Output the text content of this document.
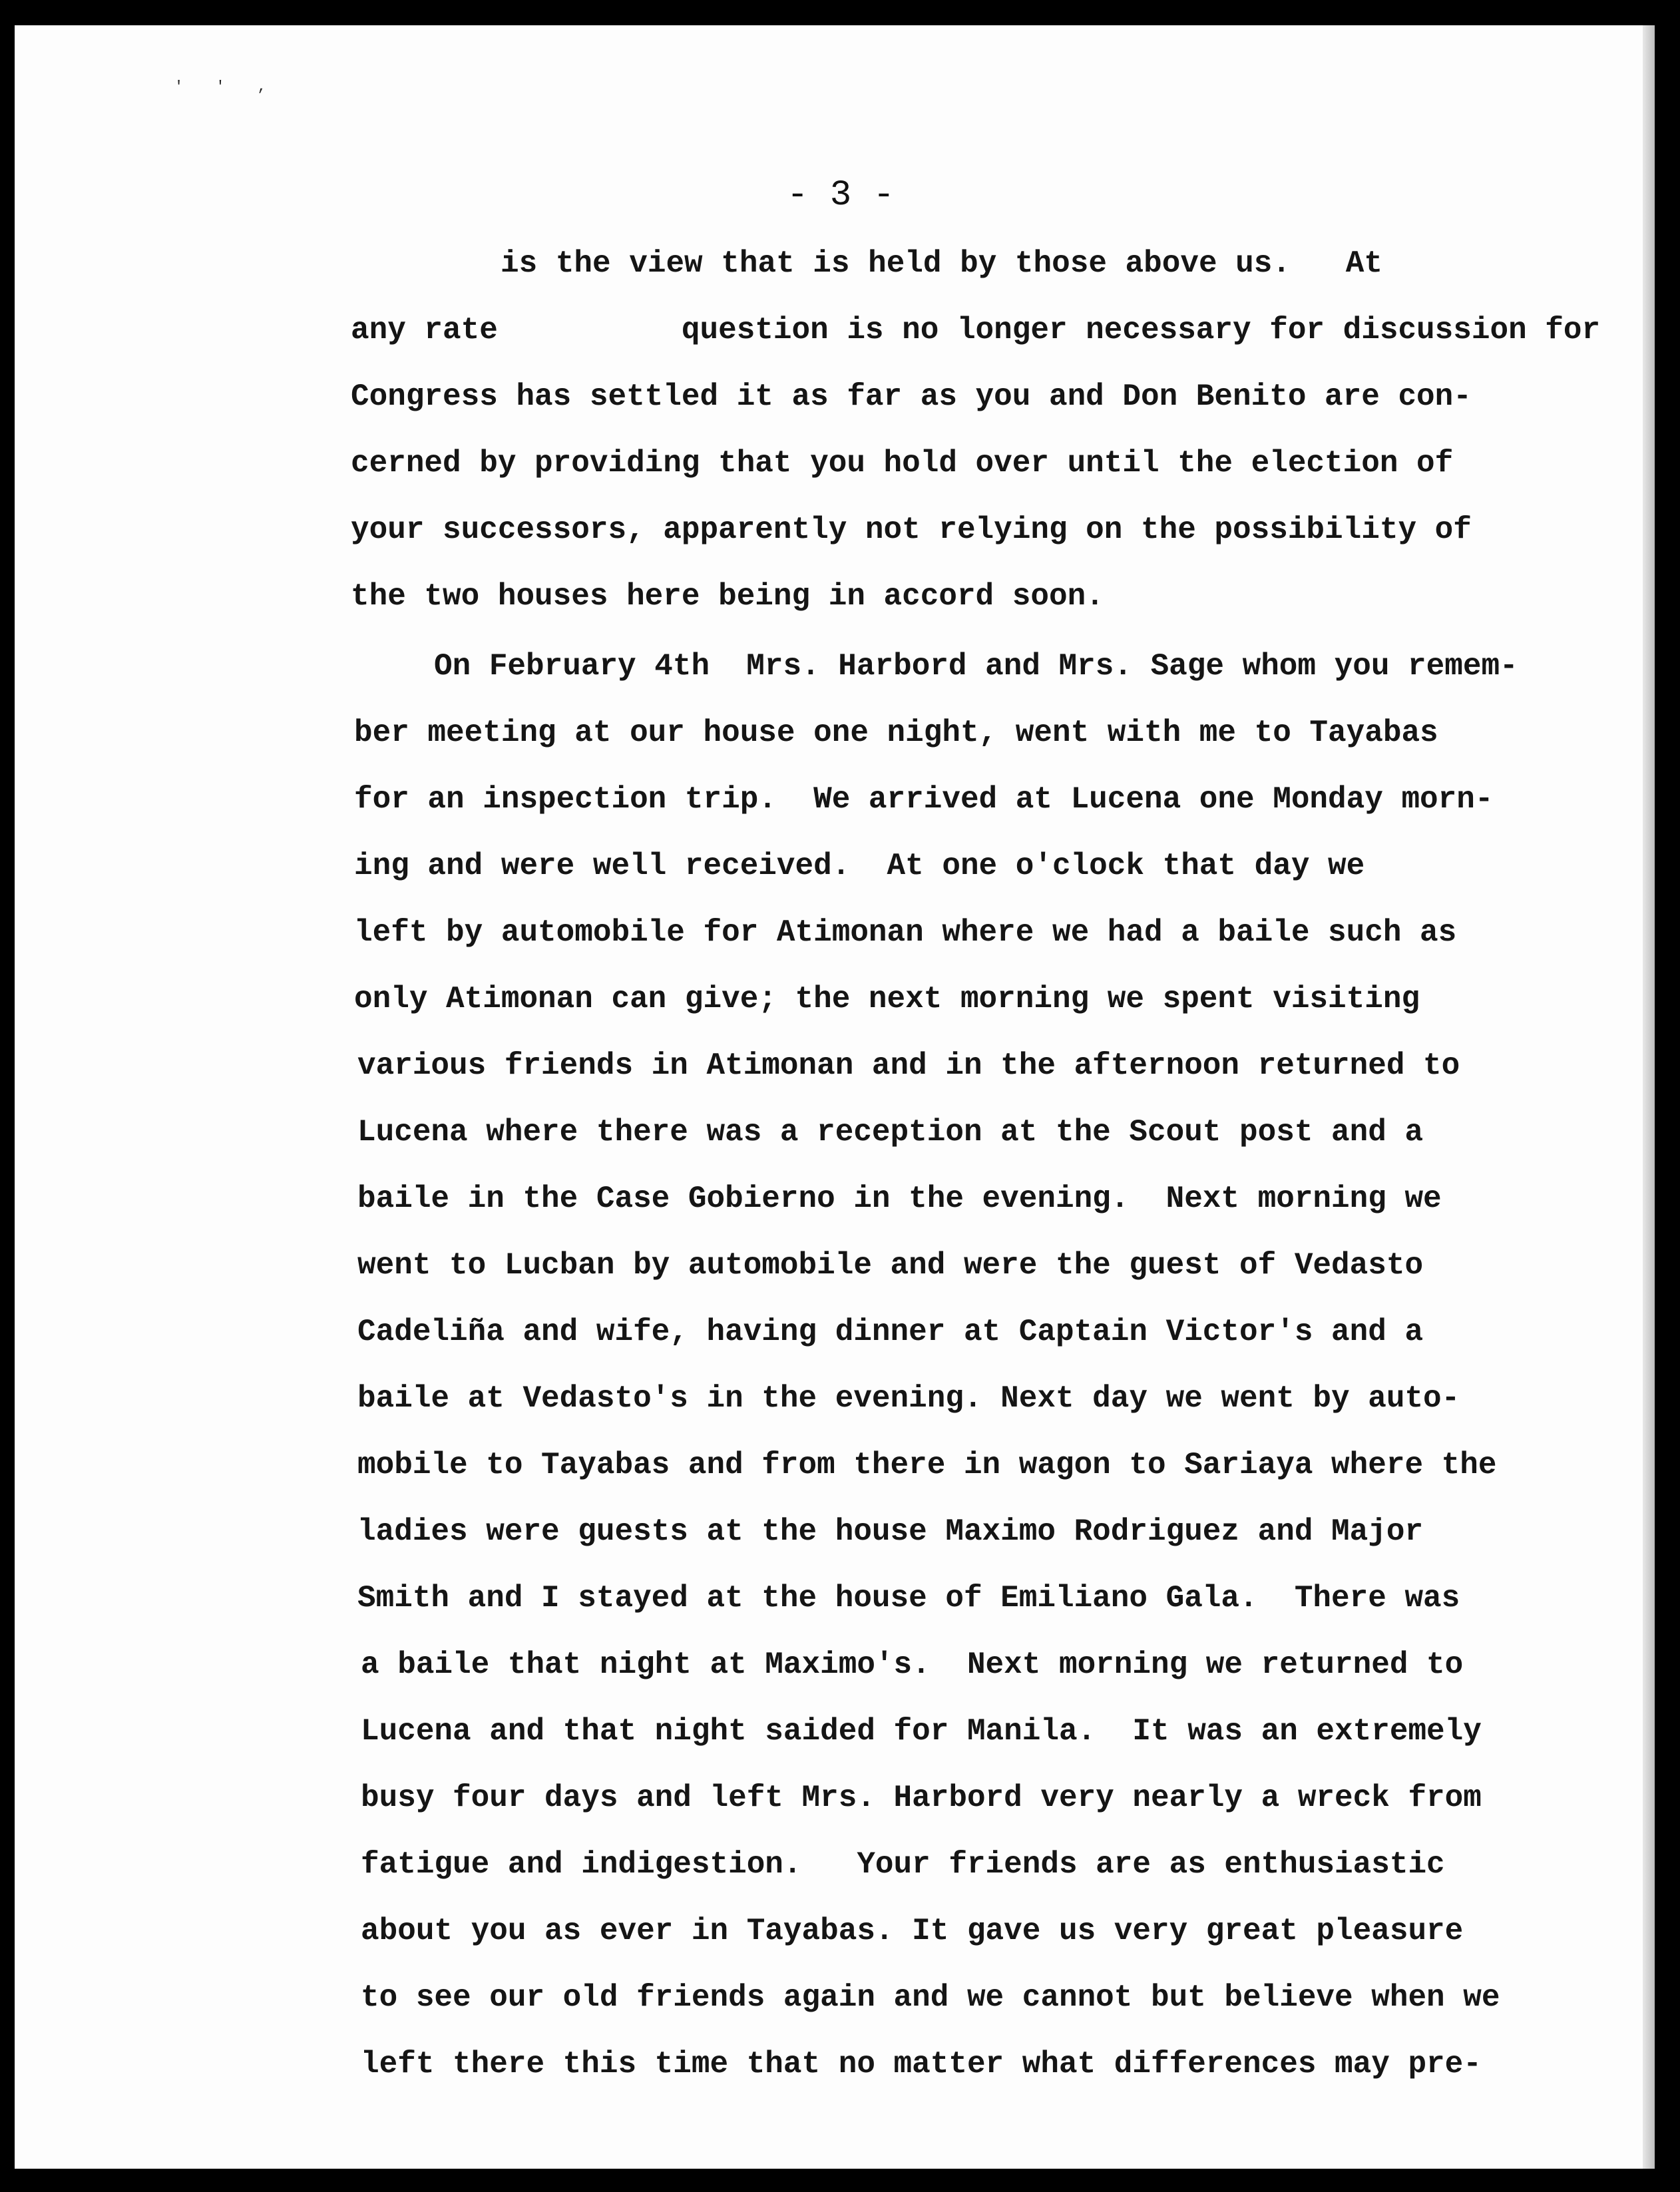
' ' ,
- 3 -
is the view that is held by those above us.   At
any rate          question is no longer necessary for discussion for
Congress has settled it as far as you and Don Benito are con-
cerned by providing that you hold over until the election of
your successors, apparently not relying on the possibility of
the two houses here being in accord soon.
On February 4th  Mrs. Harbord and Mrs. Sage whom you remem-
ber meeting at our house one night, went with me to Tayabas
for an inspection trip.  We arrived at Lucena one Monday morn-
ing and were well received.  At one o'clock that day we
left by automobile for Atimonan where we had a baile such as
only Atimonan can give; the next morning we spent visiting
various friends in Atimonan and in the afternoon returned to
Lucena where there was a reception at the Scout post and a
baile in the Case Gobierno in the evening.  Next morning we
went to Lucban by automobile and were the guest of Vedasto
Cadeliña and wife, having dinner at Captain Victor's and a
baile at Vedasto's in the evening. Next day we went by auto-
mobile to Tayabas and from there in wagon to Sariaya where the
ladies were guests at the house Maximo Rodriguez and Major
Smith and I stayed at the house of Emiliano Gala.  There was
a baile that night at Maximo's.  Next morning we returned to
Lucena and that night saided for Manila.  It was an extremely
busy four days and left Mrs. Harbord very nearly a wreck from
fatigue and indigestion.   Your friends are as enthusiastic
about you as ever in Tayabas. It gave us very great pleasure
to see our old friends again and we cannot but believe when we
left there this time that no matter what differences may pre-
